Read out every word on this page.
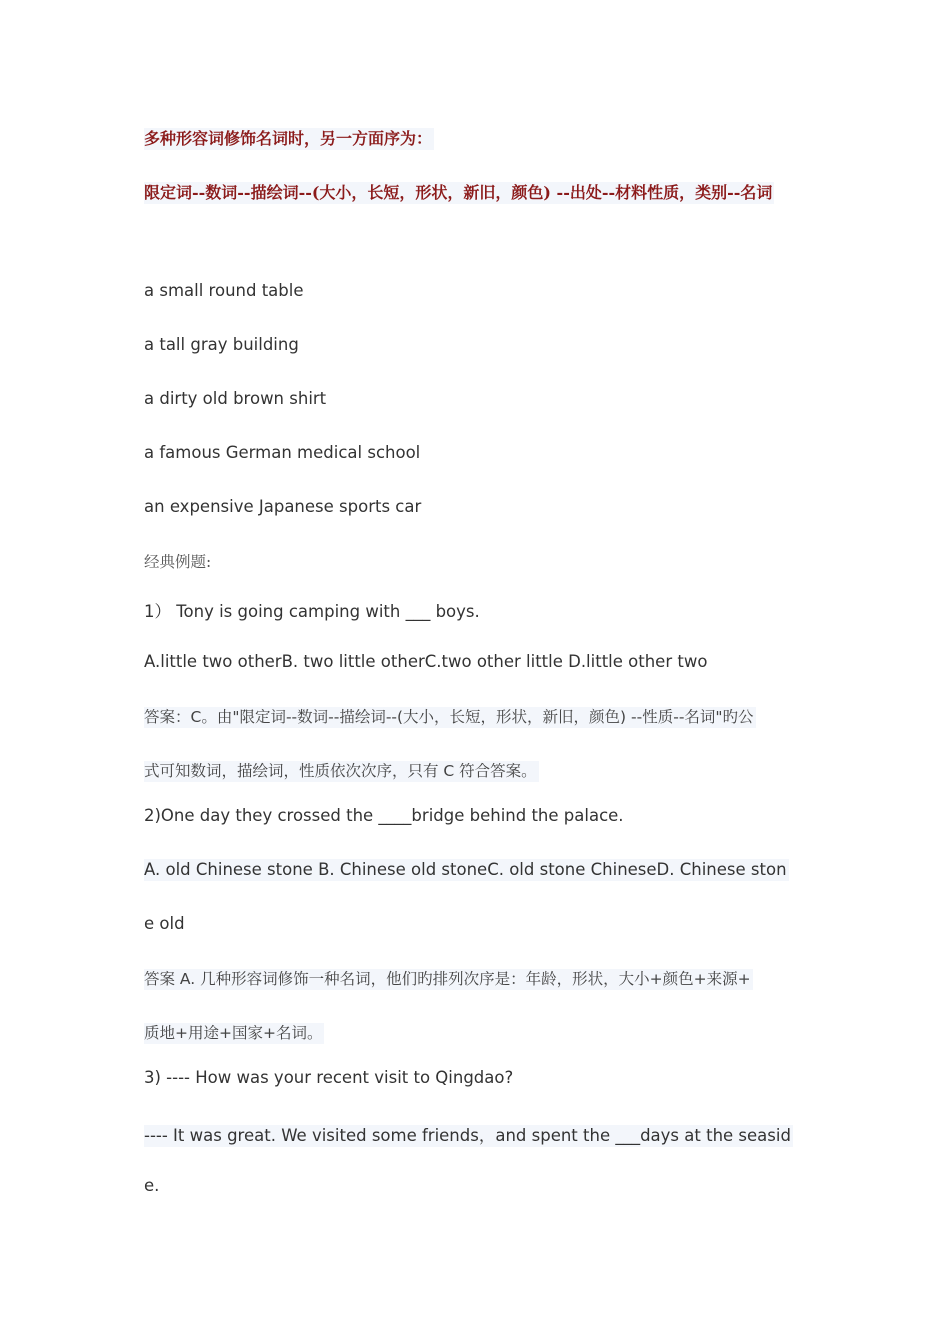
多种形容词修饰名词时，另一方面序为：
限定词--数词--描绘词--(大小，长短，形状，新旧，颜色) --出处--材料性质，类别--名词
a small round table
a tall gray building
a dirty old brown shirt
a famous German medical school
an expensive Japanese sports car
经典例题:
1） Tony is going camping with ___ boys.
A.little two otherB. two little otherC.two other little D.little other two
答案：C。由"限定词--数词--描绘词--(大小，长短，形状，新旧，颜色) --性质--名词"旳公
式可知数词，描绘词，性质依次次序，只有 C 符合答案。
2)One day they crossed the ____bridge behind the palace.
A. old Chinese stone B. Chinese old stoneC. old stone ChineseD. Chinese ston
e old
答案 A. 几种形容词修饰一种名词，他们旳排列次序是：年龄，形状，大小+颜色+来源+
质地+用途+国家+名词。
3) ---- How was your recent visit to Qingdao?
---- It was great. We visited some friends，and spent the ___days at the seasid
e.
